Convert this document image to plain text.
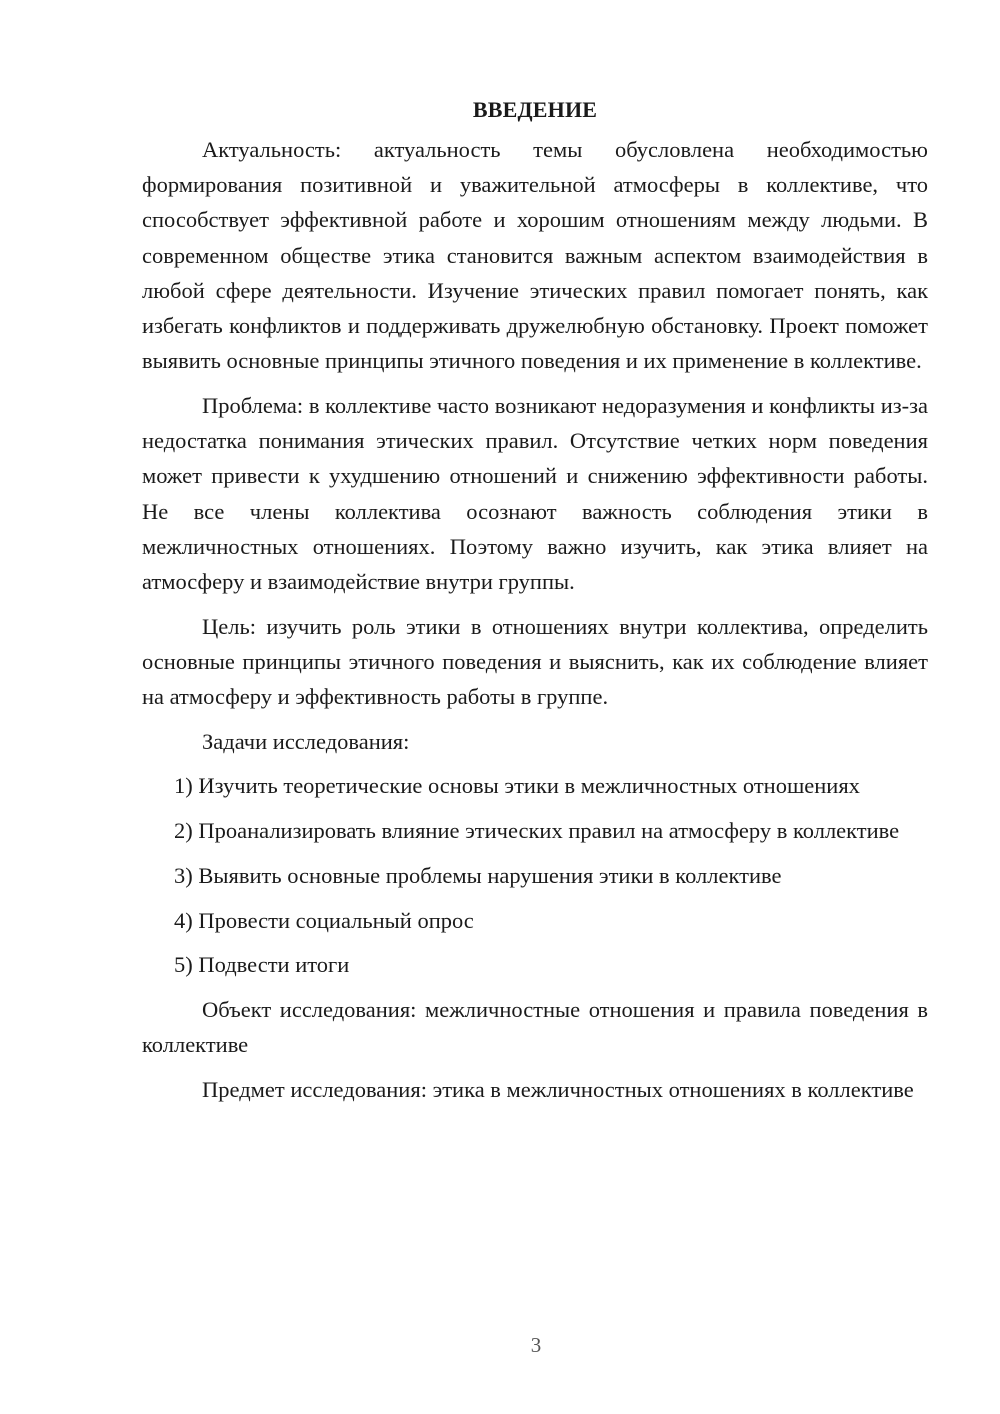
ВВЕДЕНИЕ

Актуальность: актуальность темы обусловлена необходимостью формирования позитивной и уважительной атмосферы в коллективе, что способствует эффективной работе и хорошим отношениям между людьми. В современном обществе этика становится важным аспектом взаимодействия в любой сфере деятельности. Изучение этических правил помогает понять, как избегать конфликтов и поддерживать дружелюбную обстановку. Проект поможет выявить основные принципы этичного поведения и их применение в коллективе.

Проблема: в коллективе часто возникают недоразумения и конфликты из-за недостатка понимания этических правил. Отсутствие четких норм поведения может привести к ухудшению отношений и снижению эффективности работы. Не все члены коллектива осознают важность соблюдения этики в межличностных отношениях. Поэтому важно изучить, как этика влияет на атмосферу и взаимодействие внутри группы.

Цель: изучить роль этики в отношениях внутри коллектива, определить основные принципы этичного поведения и выяснить, как их соблюдение влияет на атмосферу и эффективность работы в группе.

Задачи исследования:

1) Изучить теоретические основы этики в межличностных отношениях

2) Проанализировать влияние этических правил на атмосферу в коллективе

3) Выявить основные проблемы нарушения этики в коллективе

4) Провести социальный опрос

5) Подвести итоги

Объект исследования: межличностные отношения и правила поведения в коллективе

Предмет исследования: этика в межличностных отношениях в коллективе

3
